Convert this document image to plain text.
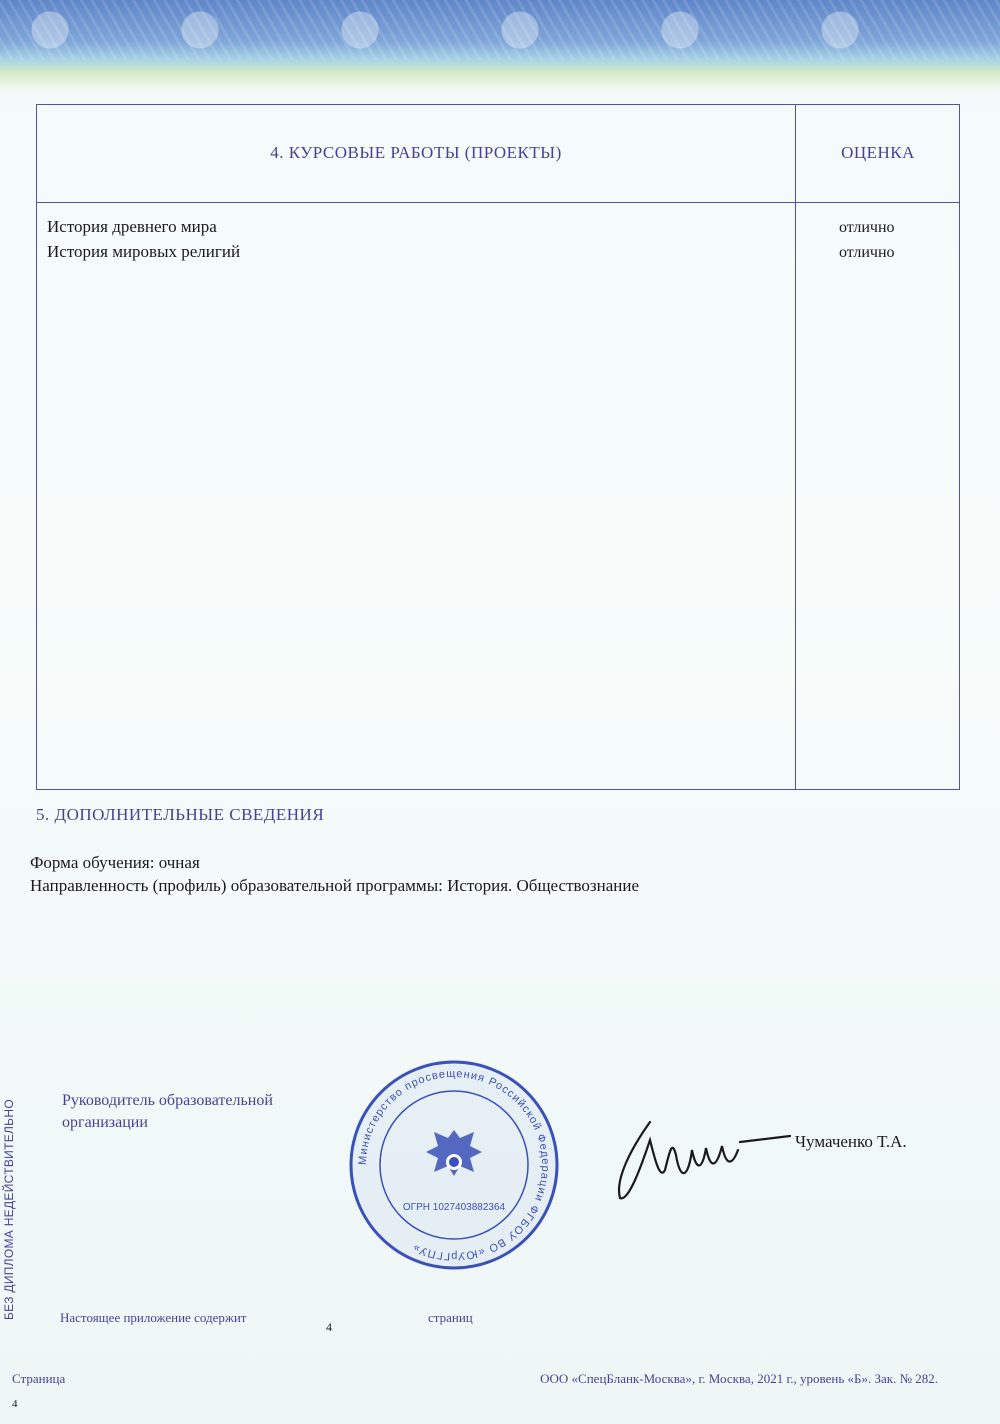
4. КУРСОВЫЕ РАБОТЫ (ПРОЕКТЫ)	ОЦЕНКА
История древнего мира	отлично
История мировых религий	отлично
5. ДОПОЛНИТЕЛЬНЫЕ СВЕДЕНИЯ
Форма обучения: очная
Направленность (профиль) образовательной программы: История. Обществознание
БЕЗ ДИПЛОМА НЕДЕЙСТВИТЕЛЬНО	Руководитель образовательной
организации
Министерство просвещения Российской Федерации ФГБОУ ВО «ЮУрГГПУ»
ОГРН 1027403882364
Чумаченко Т.А.
Настоящее приложение содержит
4
страниц
Страница
4
ООО «СпецБланк-Москва», г. Москва, 2021 г., уровень «Б». Зак. № 282.
